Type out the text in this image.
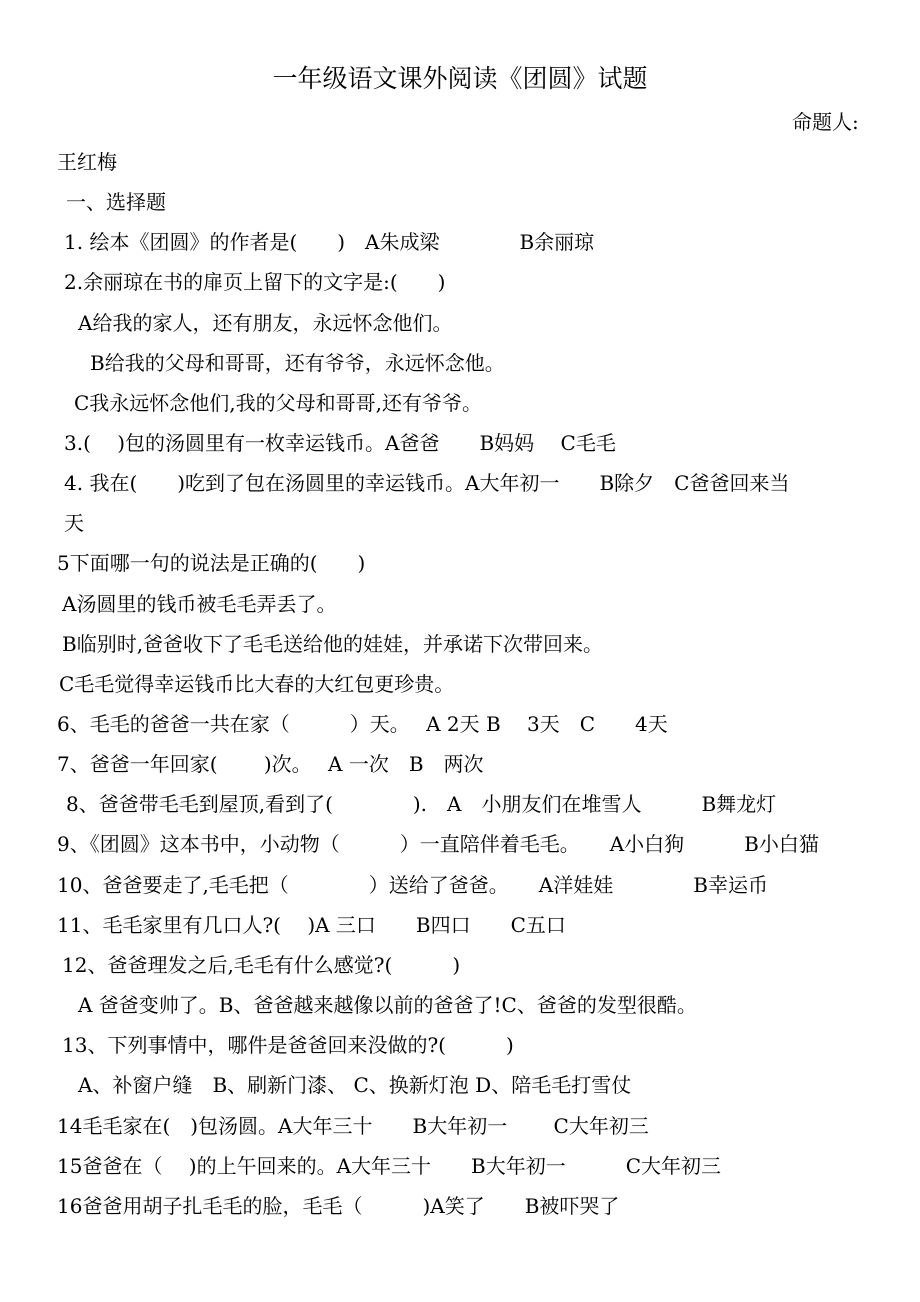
一年级语文课外阅读《团圆》试题
命题人:
王红梅
一、选择题
1. 绘本《团圆》的作者是(　　)　A朱成梁　　　　B余丽琼
2.余丽琼在书的扉页上留下的文字是:(　　)
A给我的家人，还有朋友，永远怀念他们。
B给我的父母和哥哥，还有爷爷，永远怀念他。
C我永远怀念他们,我的父母和哥哥,还有爷爷。
3.(　 )包的汤圆里有一枚幸运钱币。A爸爸　　B妈妈　 C毛毛
4. 我在(　　)吃到了包在汤圆里的幸运钱币。A大年初一　　B除夕　C爸爸回来当
天
5下面哪一句的说法是正确的(　　)
A汤圆里的钱币被毛毛弄丢了。
B临别时,爸爸收下了毛毛送给他的娃娃，并承诺下次带回来。
C毛毛觉得幸运钱币比大春的大红包更珍贵。
6、毛毛的爸爸一共在家（　　　）天。　 A 2天 B　 3天　C　　4天
7、爸爸一年回家(　　 )次。　 A 一次　B　两次
8、爸爸带毛毛到屋顶,看到了(　　　　).　A　小朋友们在堆雪人　　　B舞龙灯
9、《团圆》这本书中，小动物（　　　）一直陪伴着毛毛。　　A小白狗　　　B小白猫
10、爸爸要走了,毛毛把（　　　　）送给了爸爸。　　A洋娃娃　　　　B幸运币
11、毛毛家里有几口人?(　 )A 三口　　B四口　　C五口
12、爸爸理发之后,毛毛有什么感觉?(　　　)
A 爸爸变帅了。B、爸爸越来越像以前的爸爸了!C、爸爸的发型很酷。
13、下列事情中，哪件是爸爸回来没做的?(　　　)
A、补窗户缝　B、刷新门漆、 C、换新灯泡 D、陪毛毛打雪仗
14毛毛家在(　)包汤圆。A大年三十　　B大年初一　　 C大年初三
15爸爸在（　 )的上午回来的。A大年三十　　B大年初一　　　C大年初三
16爸爸用胡子扎毛毛的脸，毛毛（　　　)A笑了　　B被吓哭了
